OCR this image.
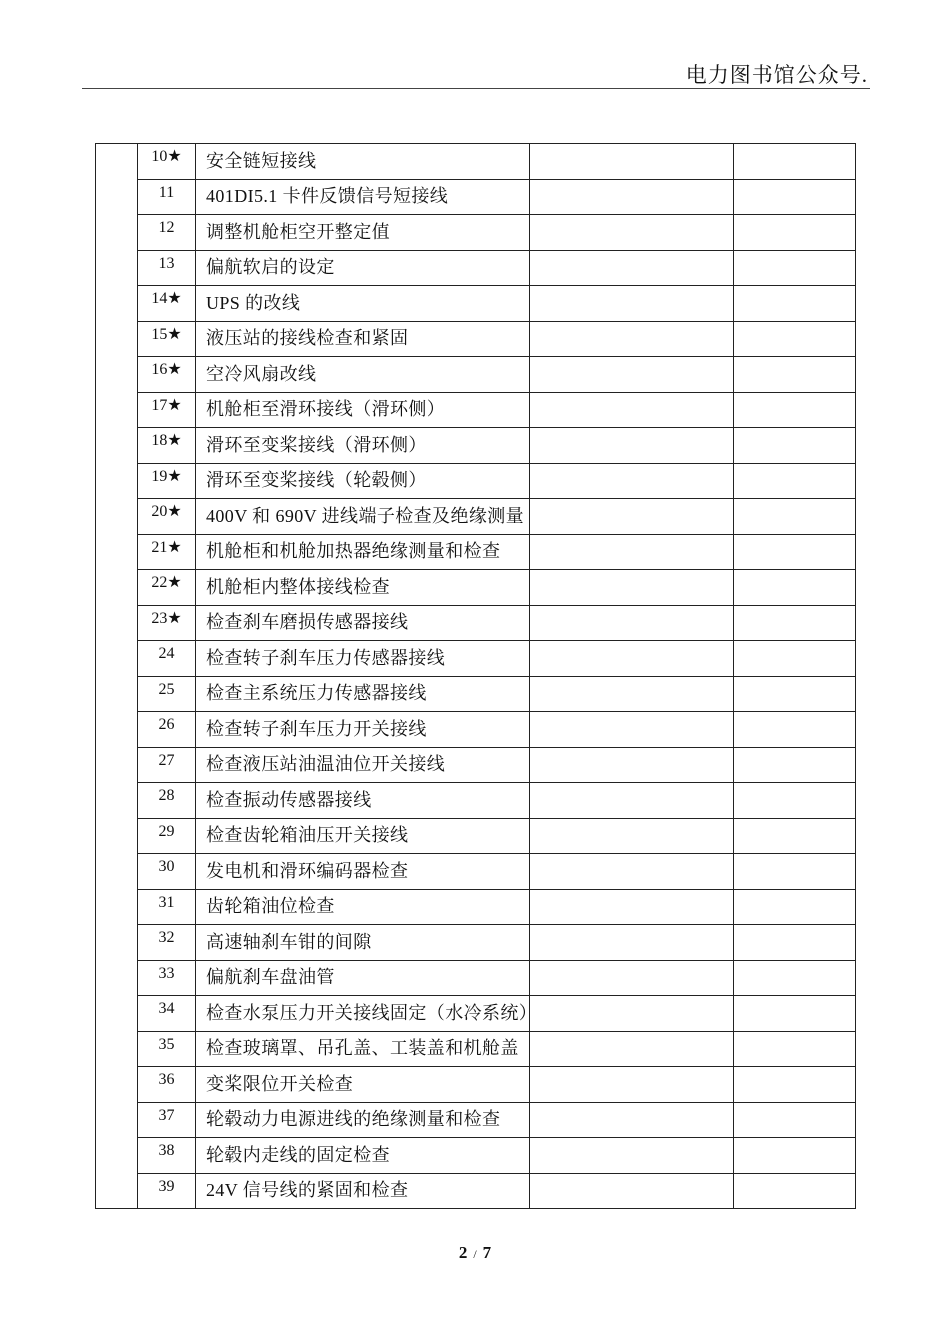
电力图书馆公众号.
	10★	安全链短接线		
	11	401DI5.1 卡件反馈信号短接线		
	12	调整机舱柜空开整定值		
	13	偏航软启的设定		
	14★	UPS 的改线		
	15★	液压站的接线检查和紧固		
	16★	空冷风扇改线		
	17★	机舱柜至滑环接线（滑环侧）		
	18★	滑环至变桨接线（滑环侧）		
	19★	滑环至变桨接线（轮毂侧）		
	20★	400V 和 690V 进线端子检查及绝缘测量		
	21★	机舱柜和机舱加热器绝缘测量和检查		
	22★	机舱柜内整体接线检查		
	23★	检查刹车磨损传感器接线		
	24	检查转子刹车压力传感器接线		
	25	检查主系统压力传感器接线		
	26	检查转子刹车压力开关接线		
	27	检查液压站油温油位开关接线		
	28	检查振动传感器接线		
	29	检查齿轮箱油压开关接线		
	30	发电机和滑环编码器检查		
	31	齿轮箱油位检查		
	32	高速轴刹车钳的间隙		
	33	偏航刹车盘油管		
	34	检查水泵压力开关接线固定（水冷系统）		
	35	检查玻璃罩、吊孔盖、工装盖和机舱盖		
	36	变桨限位开关检查		
	37	轮毂动力电源进线的绝缘测量和检查		
	38	轮毂内走线的固定检查		
	39	24V 信号线的紧固和检查		
2 / 7
